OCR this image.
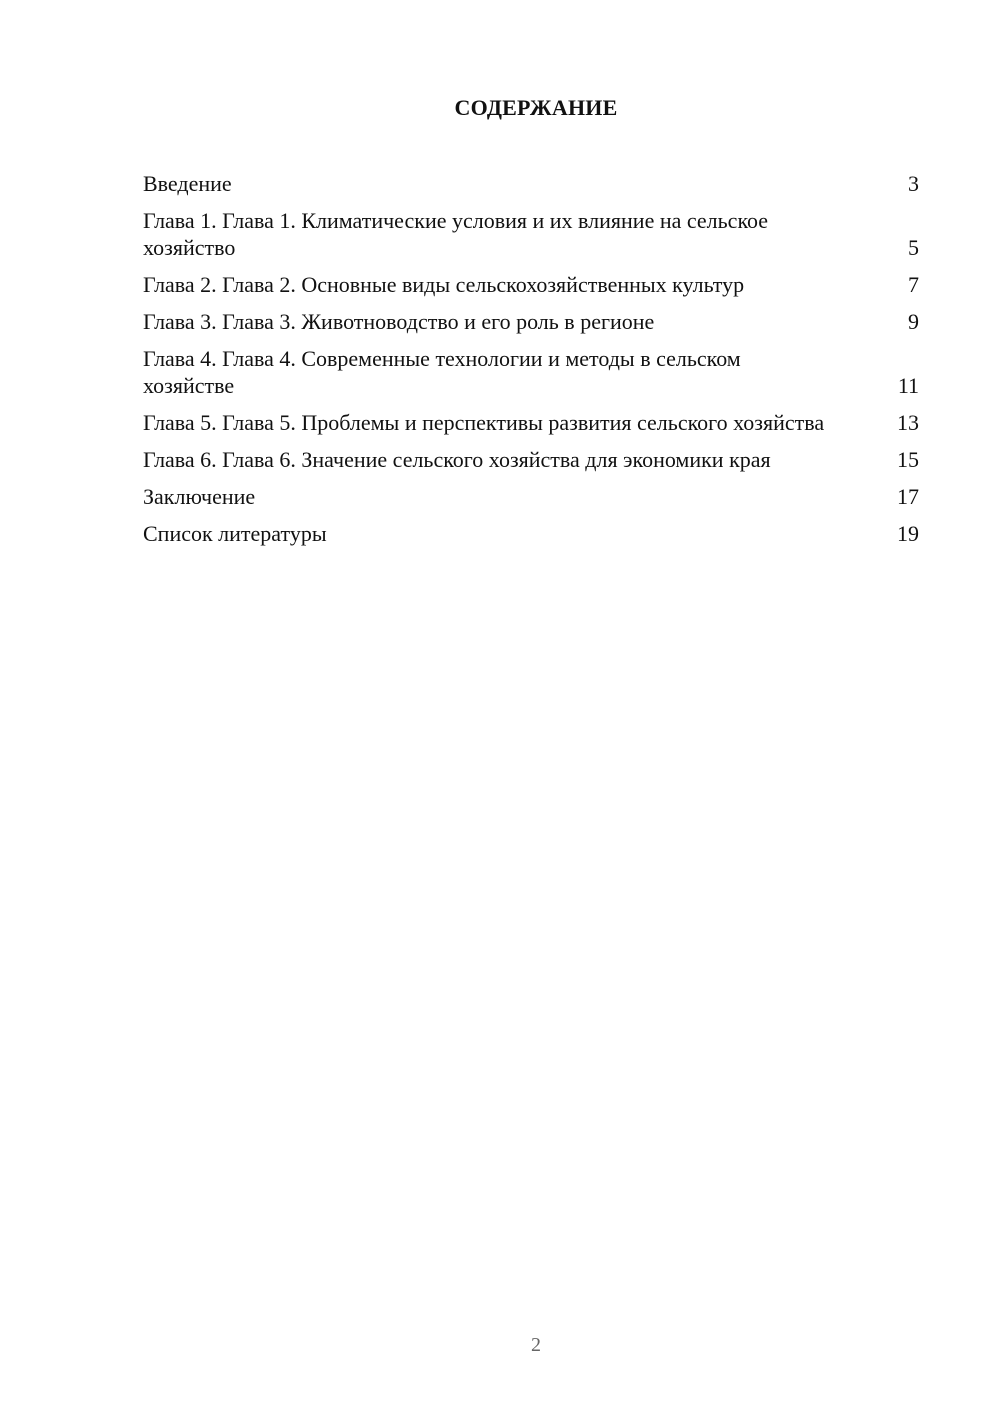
СОДЕРЖАНИЕ
Введение	3
Глава 1. Глава 1. Климатические условия и их влияние на сельское хозяйство	5
Глава 2. Глава 2. Основные виды сельскохозяйственных культур	7
Глава 3. Глава 3. Животноводство и его роль в регионе	9
Глава 4. Глава 4. Современные технологии и методы в сельском хозяйстве	11
Глава 5. Глава 5. Проблемы и перспективы развития сельского хозяйства	13
Глава 6. Глава 6. Значение сельского хозяйства для экономики края	15
Заключение	17
Список литературы	19
2
